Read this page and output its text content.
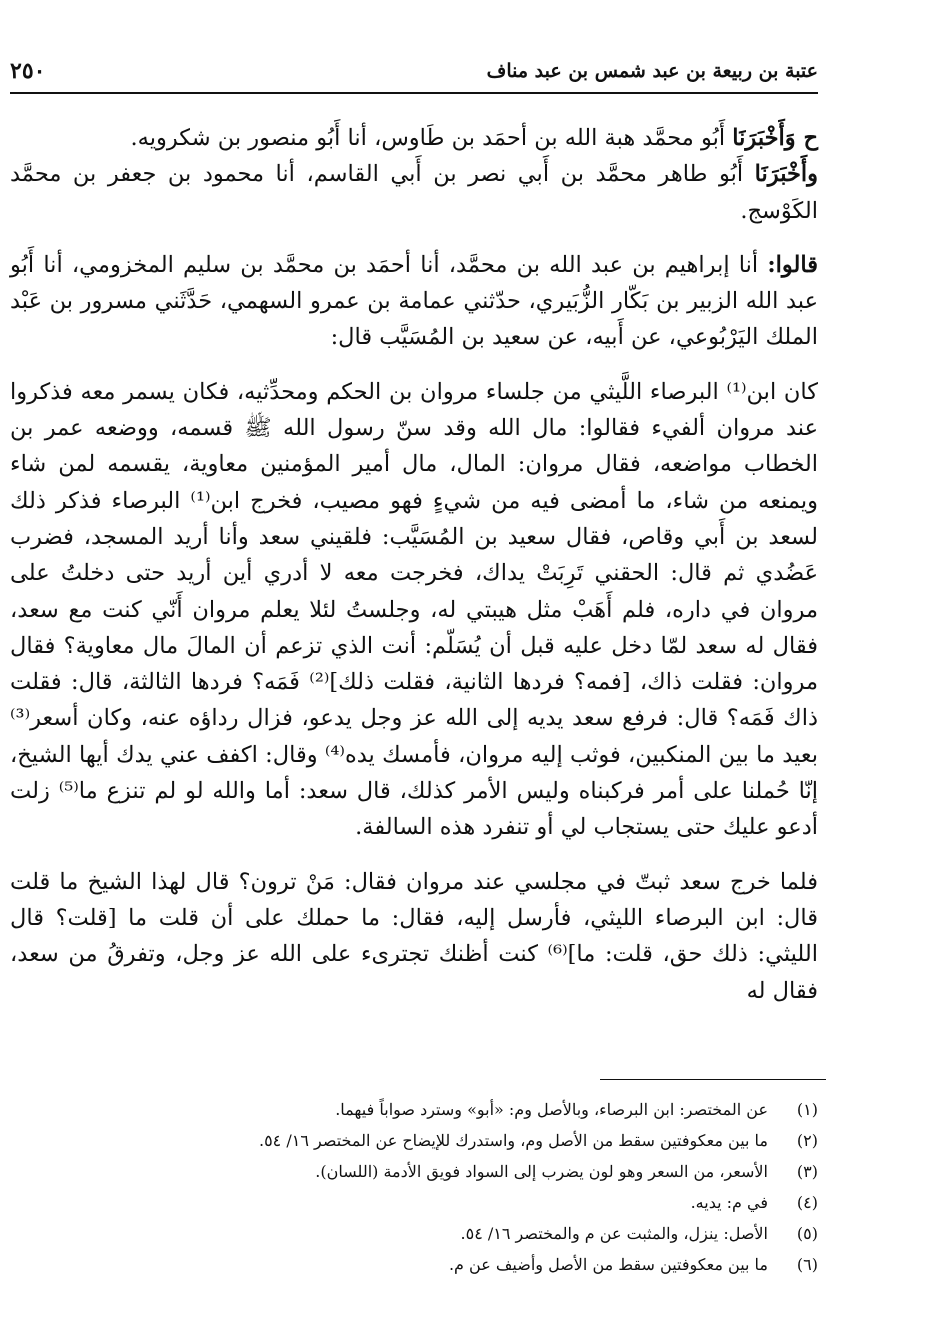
عتبة بن ربيعة بن عبد شمس بن عبد مناف
٢٥٠

ح وَأَخْبَرَنَا أَبُو محمَّد هبة الله بن أحمَد بن طَاوس، أنا أَبُو منصور بن شكرويه.

وأَخْبَرَنَا أَبُو طاهر محمَّد بن أَبي نصر بن أَبي القاسم، أنا محمود بن جعفر بن محمَّد الكَوْسج.

قالوا: أنا إبراهيم بن عبد الله بن محمَّد، أنا أحمَد بن محمَّد بن سليم المخزومي، أنا أَبُو عبد الله الزبير بن بَكّار الزُّبَيري، حدّثني عمامة بن عمرو السهمي، حَدَّثَني مسرور بن عَبْد الملك اليَرْبُوعي، عن أَبيه، عن سعيد بن المُسَيَّب قال:

كان ابن⁽¹⁾ البرصاء اللَّيثي من جلساء مروان بن الحكم ومحدِّثيه، فكان يسمر معه فذكروا عند مروان ألفيء فقالوا: مال الله وقد سنّ رسول الله ﷺ قسمه، ووضعه عمر بن الخطاب مواضعه، فقال مروان: المال، مال أمير المؤمنين معاوية، يقسمه لمن شاء ويمنعه من شاء، ما أمضى فيه من شيءٍ فهو مصيب، فخرج ابن⁽¹⁾ البرصاء فذكر ذلك لسعد بن أَبي وقاص، فقال سعيد بن المُسَيَّب: فلقيني سعد وأنا أريد المسجد، فضرب عَضُدي ثم قال: الحقني تَرِبَتْ يداك، فخرجت معه لا أدري أين أريد حتى دخلتُ على مروان في داره، فلم أَهَبْ مثل هيبتي له، وجلستُ لئلا يعلم مروان أَنّي كنت مع سعد، فقال له سعد لمّا دخل عليه قبل أن يُسَلّم: أنت الذي تزعم أن المالَ مال معاوية؟ فقال مروان: فقلت ذاك، [فمه؟ فردها الثانية، فقلت ذلك]⁽²⁾ فَمَه؟ فردها الثالثة، قال: فقلت ذاك فَمَه؟ قال: فرفع سعد يديه إلى الله عز وجل يدعو، فزال رداؤه عنه، وكان أسعر⁽³⁾ بعيد ما بين المنكبين، فوثب إليه مروان، فأمسك يده⁽⁴⁾ وقال: اكفف عني يدك أيها الشيخ، إنّا حُملنا على أمر فركبناه وليس الأمر كذلك، قال سعد: أما والله لو لم تنزع ما⁽⁵⁾ زلت أدعو عليك حتى يستجاب لي أو تنفرد هذه السالفة.

فلما خرج سعد ثبتّ في مجلسي عند مروان فقال: مَنْ ترون؟ قال لهذا الشيخ ما قلت قال: ابن البرصاء الليثي، فأرسل إليه، فقال: ما حملك على أن قلت ما [قلت؟ قال الليثي: ذلك حق، قلت: ما]⁽⁶⁾ كنت أظنك تجترىء على الله عز وجل، وتفرقُ من سعد، فقال له

(١)
عن المختصر: ابن البرصاء، وبالأصل وم: «أبو» وسترد صواباً فيهما.
(٢)
ما بين معكوفتين سقط من الأصل وم، واستدرك للإيضاح عن المختصر ١٦/ ٥٤.
(٣)
الأسعر، من السعر وهو لون يضرب إلى السواد فويق الأدمة (اللسان).
(٤)
في م: يديه.
(٥)
الأصل: ينزل، والمثبت عن م والمختصر ١٦/ ٥٤.
(٦)
ما بين معكوفتين سقط من الأصل وأضيف عن م.
